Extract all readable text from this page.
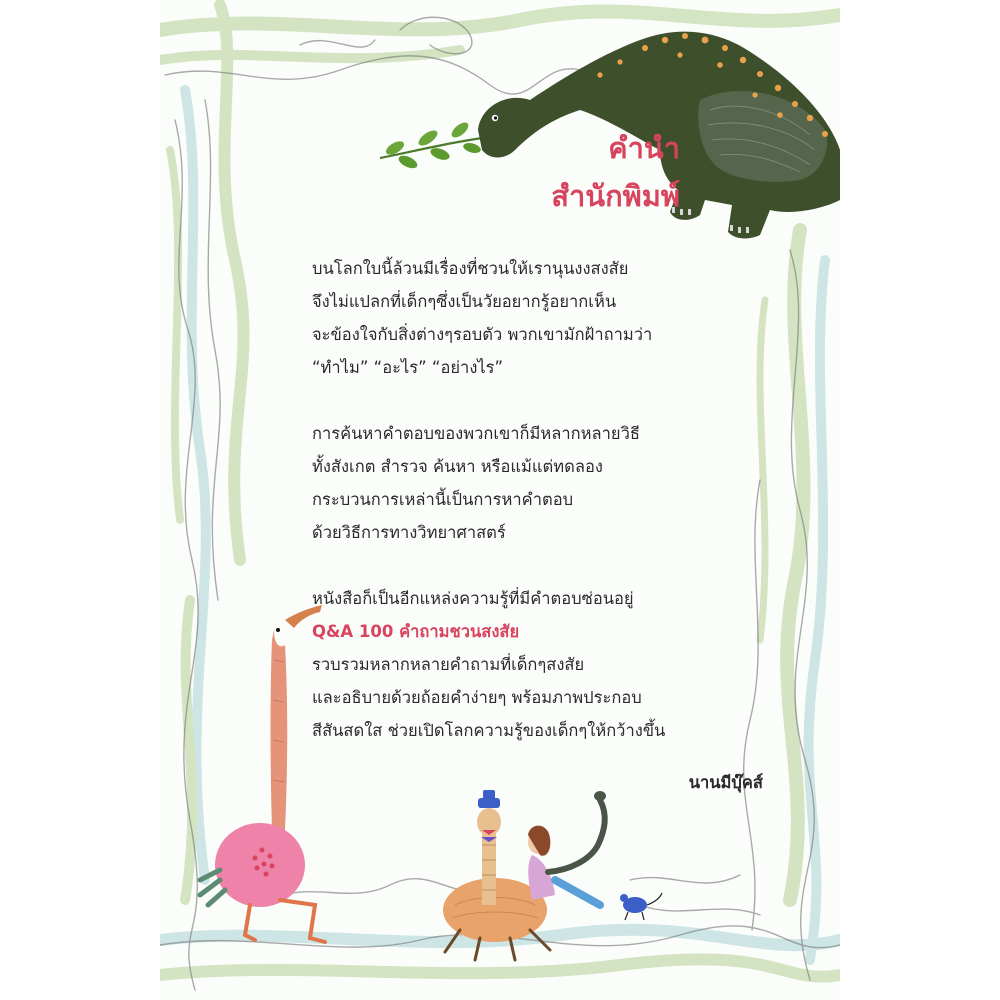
คำนำ
สำนักพิมพ์
บนโลกใบนี้ล้วนมีเรื่องที่ชวนให้เรานุนงงสงสัย
จึงไม่แปลกที่เด็กๆซึ่งเป็นวัยอยากรู้อยากเห็น
จะข้องใจกับสิ่งต่างๆรอบตัว พวกเขามักฝ้าถามว่า
“ทำไม” “อะไร” “อย่างไร”
การค้นหาคำตอบของพวกเขาก็มีหลากหลายวิธี
ทั้งสังเกต สำรวจ ค้นหา หรือแม้แต่ทดลอง
กระบวนการเหล่านี้เป็นการหาคำตอบ
ด้วยวิธีการทางวิทยาศาสตร์
หนังสือก็เป็นอีกแหล่งความรู้ที่มีคำตอบซ่อนอยู่
Q&A 100 คำถามชวนสงสัย
รวบรวมหลากหลายคำถามที่เด็กๆสงสัย
และอธิบายด้วยถ้อยคำง่ายๆ พร้อมภาพประกอบ
สีสันสดใส ช่วยเปิดโลกความรู้ของเด็กๆให้กว้างขึ้น
นานมีบุ๊คส์
